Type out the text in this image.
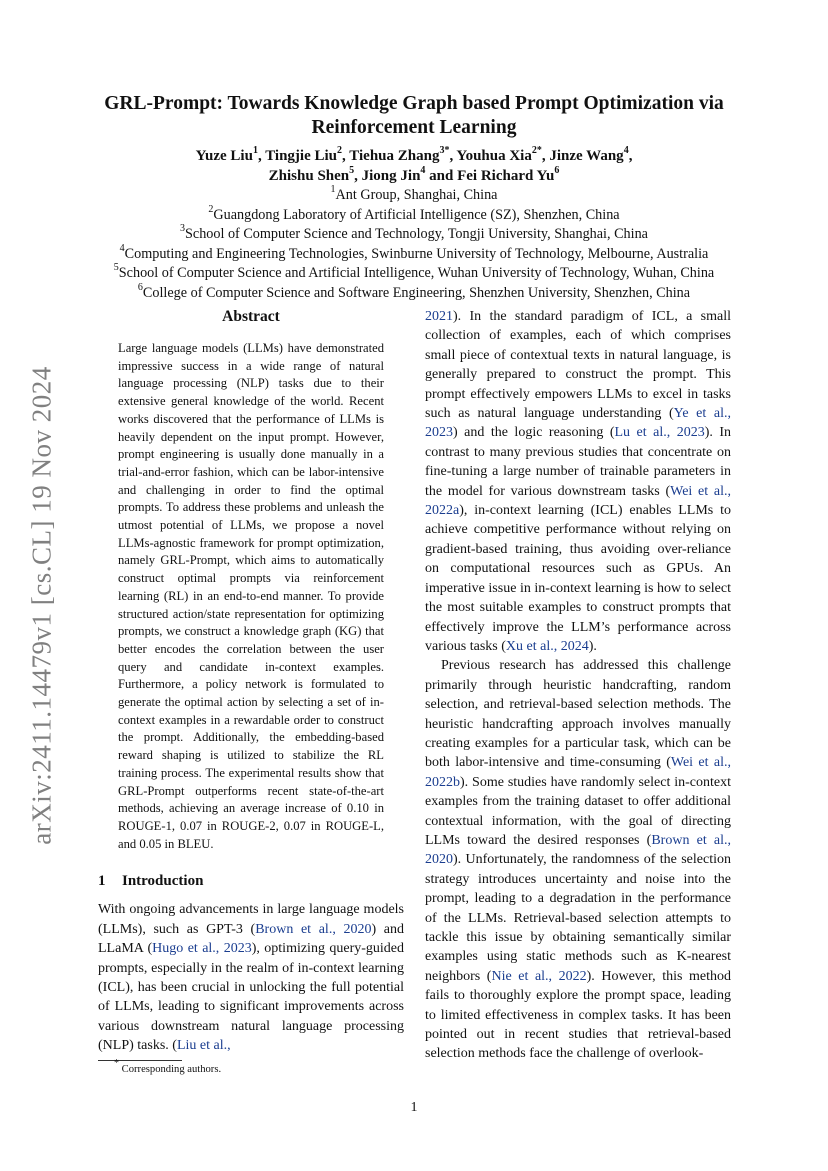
arXiv:2411.14479v1 [cs.CL] 19 Nov 2024
GRL-Prompt: Towards Knowledge Graph based Prompt Optimization via
Reinforcement Learning
Yuze Liu$^1$, Tingjie Liu$^2$, Tiehua Zhang$^{3*}$, Youhua Xia$^{2*}$, Jinze Wang$^4$,
Zhishu Shen$^5$, Jiong Jin$^4$ and Fei Richard Yu$^6$
$^1$Ant Group, Shanghai, China
$^2$Guangdong Laboratory of Artificial Intelligence (SZ), Shenzhen, China
$^3$School of Computer Science and Technology, Tongji University, Shanghai, China
$^4$Computing and Engineering Technologies, Swinburne University of Technology, Melbourne, Australia
$^5$School of Computer Science and Artificial Intelligence, Wuhan University of Technology, Wuhan, China
$^6$College of Computer Science and Software Engineering, Shenzhen University, Shenzhen, China
Abstract

Large language models (LLMs) have demonstrated impressive success in a wide range of natural language processing (NLP) tasks due to their extensive general knowledge of the world. Recent works discovered that the performance of LLMs is heavily dependent on the input prompt. However, prompt engineering is usually done manually in a trial-and-error fashion, which can be labor-intensive and challenging in order to find the optimal prompts. To address these problems and unleash the utmost potential of LLMs, we propose a novel LLMs-agnostic framework for prompt optimization, namely GRL-Prompt, which aims to automatically construct optimal prompts via reinforcement learning (RL) in an end-to-end manner. To provide structured action/state representation for optimizing prompts, we construct a knowledge graph (KG) that better encodes the correlation between the user query and candidate in-context examples. Furthermore, a policy network is formulated to generate the optimal action by selecting a set of in-context examples in a rewardable order to construct the prompt. Additionally, the embedding-based reward shaping is utilized to stabilize the RL training process. The experimental results show that GRL-Prompt outperforms recent state-of-the-art methods, achieving an average increase of 0.10 in ROUGE-1, 0.07 in ROUGE-2, 0.07 in ROUGE-L, and 0.05 in BLEU.

1 Introduction

With ongoing advancements in large language models (LLMs), such as GPT-3 (Brown et al., 2020) and LLaMA (Hugo et al., 2023), optimizing query-guided prompts, especially in the realm of in-context learning (ICL), has been crucial in unlocking the full potential of LLMs, leading to significant improvements across various downstream natural language processing (NLP) tasks. (Liu et al.,

* Corresponding authors.

2021). In the standard paradigm of ICL, a small collection of examples, each of which comprises small piece of contextual texts in natural language, is generally prepared to construct the prompt. This prompt effectively empowers LLMs to excel in tasks such as natural language understanding (Ye et al., 2023) and the logic reasoning (Lu et al., 2023). In contrast to many previous studies that concentrate on fine-tuning a large number of trainable parameters in the model for various downstream tasks (Wei et al., 2022a), in-context learning (ICL) enables LLMs to achieve competitive performance without relying on gradient-based training, thus avoiding over-reliance on computational resources such as GPUs. An imperative issue in in-context learning is how to select the most suitable examples to construct prompts that effectively improve the LLM’s performance across various tasks (Xu et al., 2024).

Previous research has addressed this challenge primarily through heuristic handcrafting, random selection, and retrieval-based selection methods. The heuristic handcrafting approach involves manually creating examples for a particular task, which can be both labor-intensive and time-consuming (Wei et al., 2022b). Some studies have randomly select in-context examples from the training dataset to offer additional contextual information, with the goal of directing LLMs toward the desired responses (Brown et al., 2020). Unfortunately, the randomness of the selection strategy introduces uncertainty and noise into the prompt, leading to a degradation in the performance of the LLMs. Retrieval-based selection attempts to tackle this issue by obtaining semantically similar examples using static methods such as K-nearest neighbors (Nie et al., 2022). However, this method fails to thoroughly explore the prompt space, leading to limited effectiveness in complex tasks. It has been pointed out in recent studies that retrieval-based selection methods face the challenge of overlook-

1
